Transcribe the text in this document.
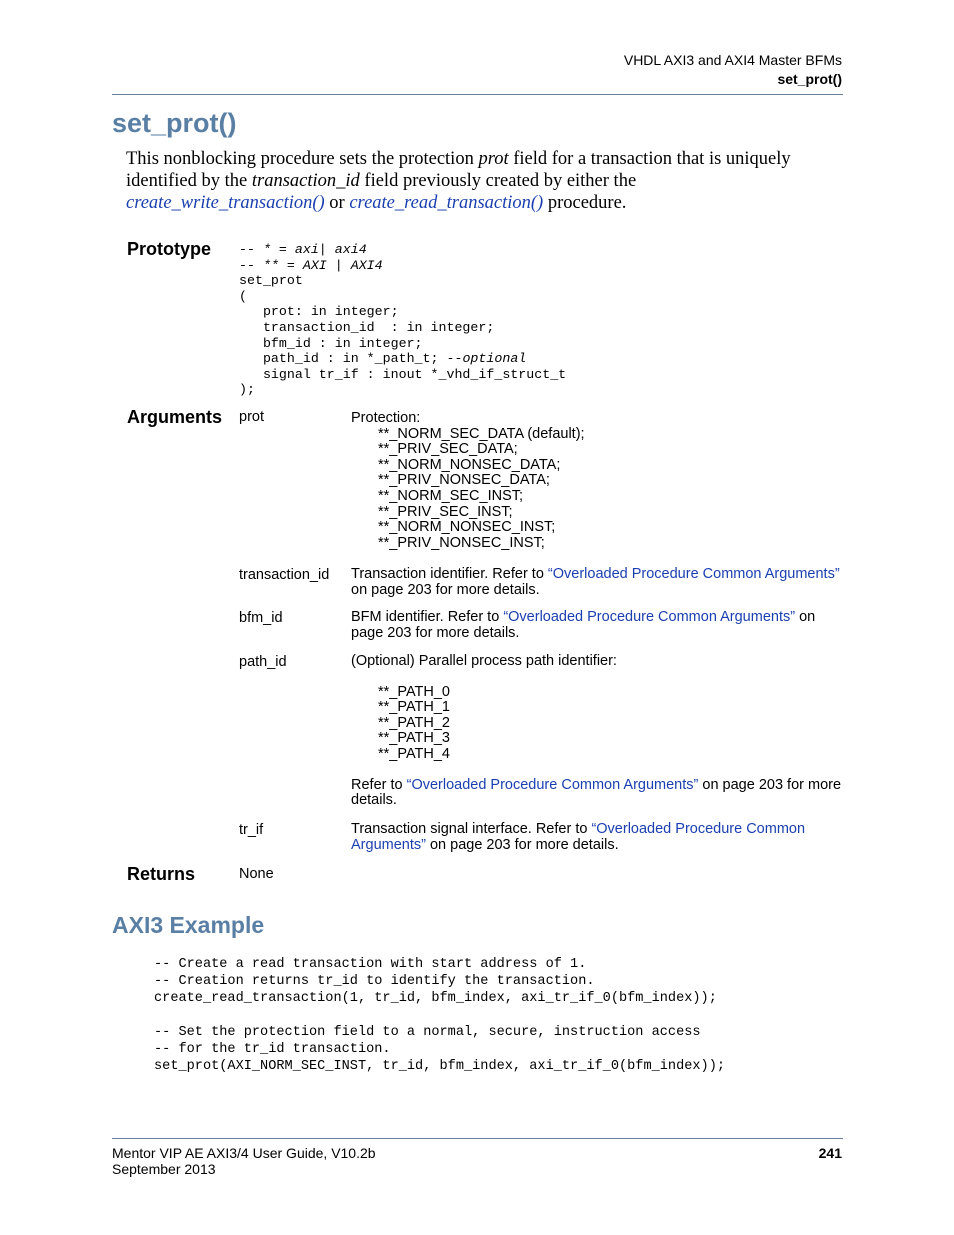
VHDL AXI3 and AXI4 Master BFMs
set_prot()
set_prot()
This nonblocking procedure sets the protection prot field for a transaction that is uniquely identified by the transaction_id field previously created by either the
create_write_transaction() or create_read_transaction() procedure.
Prototype -- * = axi| axi4
-- ** = AXI | AXI4
set_prot
(
prot: in integer;
transaction_id  : in integer;
bfm_id : in integer;
path_id : in *_path_t; --optional
signal tr_if : inout *_vhd_if_struct_t
);
Arguments prot	Protection:
**_NORM_SEC_DATA (default);
**_PRIV_SEC_DATA;
**_NORM_NONSEC_DATA;
**_PRIV_NONSEC_DATA;
**_NORM_SEC_INST;
**_PRIV_SEC_INST;
**_NORM_NONSEC_INST;
**_PRIV_NONSEC_INST;
transaction_id Transaction identifier. Refer to “Overloaded Procedure Common Arguments” on page 203 for more details.
bfm_id	BFM identifier. Refer to “Overloaded Procedure Common Arguments” on page 203 for more details.
path_id	(Optional) Parallel process path identifier:
**_PATH_0
**_PATH_1
**_PATH_2
**_PATH_3
**_PATH_4
Refer to “Overloaded Procedure Common Arguments” on page 203 for more details.
tr_if	Transaction signal interface. Refer to “Overloaded Procedure Common Arguments” on page 203 for more details.
Returns	None
AXI3 Example
-- Create a read transaction with start address of 1.
-- Creation returns tr_id to identify the transaction.
create_read_transaction(1, tr_id, bfm_index, axi_tr_if_0(bfm_index));

-- Set the protection field to a normal, secure, instruction access
-- for the tr_id transaction.
set_prot(AXI_NORM_SEC_INST, tr_id, bfm_index, axi_tr_if_0(bfm_index));
Mentor VIP AE AXI3/4 User Guide, V10.2b
September 2013
241
